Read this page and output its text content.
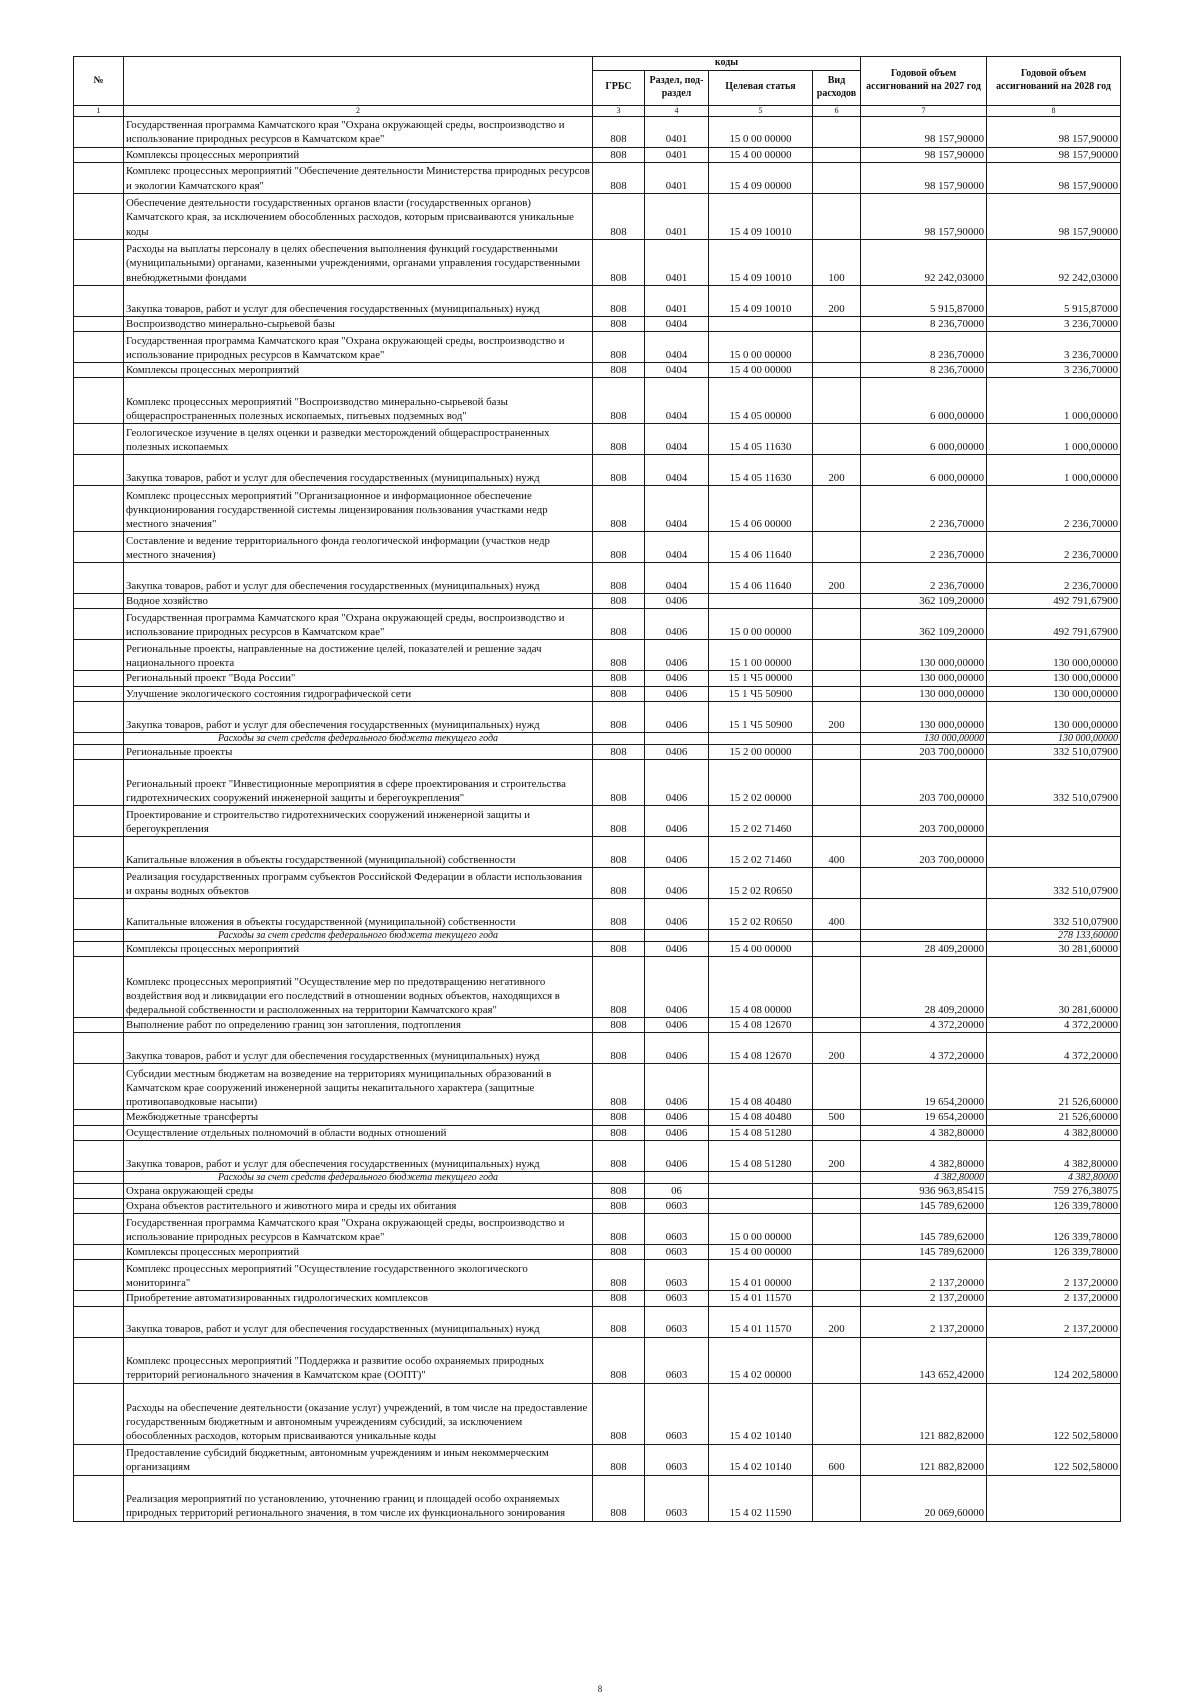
№		коды				Годовой объем ассигнований на 2027 год	Годовой объем ассигнований на 2028 год
		ГРБС	Раздел, под-раздел	Целевая статья	Вид расходов		
1	2	3	4	5	6	7	8
	Государственная программа Камчатского края "Охрана окружающей среды, воспроизводство и использование природных ресурсов в Камчатском крае"	808	0401	15 0 00 00000		98 157,90000	98 157,90000
	Комплексы процессных мероприятий	808	0401	15 4 00 00000		98 157,90000	98 157,90000
	Комплекс процессных мероприятий "Обеспечение деятельности Министерства природных ресурсов и экологии Камчатского края"	808	0401	15 4 09 00000		98 157,90000	98 157,90000
	Обеспечение деятельности государственных органов власти (государственных органов) Камчатского края, за исключением обособленных расходов, которым присваиваются уникальные коды	808	0401	15 4 09 10010		98 157,90000	98 157,90000
	Расходы на выплаты персоналу в целях обеспечения выполнения функций государственными (муниципальными) органами, казенными учреждениями, органами управления государственными внебюджетными фондами	808	0401	15 4 09 10010	100	92 242,03000	92 242,03000
	Закупка товаров, работ и услуг для обеспечения государственных (муниципальных) нужд	808	0401	15 4 09 10010	200	5 915,87000	5 915,87000
	Воспроизводство минерально-сырьевой базы	808	0404			8 236,70000	3 236,70000
	Государственная программа Камчатского края "Охрана окружающей среды, воспроизводство и использование природных ресурсов в Камчатском крае"	808	0404	15 0 00 00000		8 236,70000	3 236,70000
	Комплексы процессных мероприятий	808	0404	15 4 00 00000		8 236,70000	3 236,70000
	Комплекс процессных мероприятий "Воспроизводство минерально-сырьевой базы общераспространенных полезных ископаемых, питьевых подземных вод"	808	0404	15 4 05 00000		6 000,00000	1 000,00000
	Геологическое изучение в целях оценки и разведки месторождений общераспространенных полезных ископаемых	808	0404	15 4 05 11630		6 000,00000	1 000,00000
	Закупка товаров, работ и услуг для обеспечения государственных (муниципальных) нужд	808	0404	15 4 05 11630	200	6 000,00000	1 000,00000
	Комплекс процессных мероприятий "Организационное и информационное обеспечение функционирования государственной системы лицензирования пользования участками недр местного значения"	808	0404	15 4 06 00000		2 236,70000	2 236,70000
	Составление и ведение территориального фонда геологической информации (участков недр местного значения)	808	0404	15 4 06 11640		2 236,70000	2 236,70000
	Закупка товаров, работ и услуг для обеспечения государственных (муниципальных) нужд	808	0404	15 4 06 11640	200	2 236,70000	2 236,70000
	Водное хозяйство	808	0406			362 109,20000	492 791,67900
	Государственная программа Камчатского края "Охрана окружающей среды, воспроизводство и использование природных ресурсов в Камчатском крае"	808	0406	15 0 00 00000		362 109,20000	492 791,67900
	Региональные проекты, направленные на достижение целей, показателей и решение задач национального проекта	808	0406	15 1 00 00000		130 000,00000	130 000,00000
	Региональный проект "Вода России"	808	0406	15 1 Ч5 00000		130 000,00000	130 000,00000
	Улучшение экологического состояния гидрографической сети	808	0406	15 1 Ч5 50900		130 000,00000	130 000,00000
	Закупка товаров, работ и услуг для обеспечения государственных (муниципальных) нужд	808	0406	15 1 Ч5 50900	200	130 000,00000	130 000,00000
	Расходы за счет средств федерального бюджета текущего года					130 000,00000	130 000,00000
	Региональные проекты	808	0406	15 2 00 00000		203 700,00000	332 510,07900
	Региональный проект "Инвестиционные мероприятия в сфере проектирования и строительства гидротехнических сооружений инженерной защиты и берегоукрепления"	808	0406	15 2 02 00000		203 700,00000	332 510,07900
	Проектирование и строительство гидротехнических сооружений инженерной защиты и берегоукрепления	808	0406	15 2 02 71460		203 700,00000	
	Капитальные вложения в объекты государственной (муниципальной) собственности	808	0406	15 2 02 71460	400	203 700,00000	
	Реализация государственных программ субъектов Российской Федерации в области использования и охраны водных объектов	808	0406	15 2 02 R0650			332 510,07900
	Капитальные вложения в объекты государственной (муниципальной) собственности	808	0406	15 2 02 R0650	400		332 510,07900
	Расходы за счет средств федерального бюджета текущего года						278 133,60000
	Комплексы процессных мероприятий	808	0406	15 4 00 00000		28 409,20000	30 281,60000
	Комплекс процессных мероприятий "Осуществление мер по предотвращению негативного воздействия вод и ликвидации его последствий в отношении водных объектов, находящихся в федеральной собственности и расположенных на территории Камчатского края"	808	0406	15 4 08 00000		28 409,20000	30 281,60000
	Выполнение работ по определению границ зон затопления, подтопления	808	0406	15 4 08 12670		4 372,20000	4 372,20000
	Закупка товаров, работ и услуг для обеспечения государственных (муниципальных) нужд	808	0406	15 4 08 12670	200	4 372,20000	4 372,20000
	Субсидии местным бюджетам на возведение на территориях муниципальных образований в Камчатском крае сооружений инженерной защиты некапитального характера (защитные противопаводковые насыпи)	808	0406	15 4 08 40480		19 654,20000	21 526,60000
	Межбюджетные трансферты	808	0406	15 4 08 40480	500	19 654,20000	21 526,60000
	Осуществление отдельных полномочий в области водных отношений	808	0406	15 4 08 51280		4 382,80000	4 382,80000
	Закупка товаров, работ и услуг для обеспечения государственных (муниципальных) нужд	808	0406	15 4 08 51280	200	4 382,80000	4 382,80000
	Расходы за счет средств федерального бюджета текущего года					4 382,80000	4 382,80000
	Охрана окружающей среды	808	06			936 963,85415	759 276,38075
	Охрана объектов растительного и животного мира и среды их обитания	808	0603			145 789,62000	126 339,78000
	Государственная программа Камчатского края "Охрана окружающей среды, воспроизводство и использование природных ресурсов в Камчатском крае"	808	0603	15 0 00 00000		145 789,62000	126 339,78000
	Комплексы процессных мероприятий	808	0603	15 4 00 00000		145 789,62000	126 339,78000
	Комплекс процессных мероприятий "Осуществление государственного экологического мониторинга"	808	0603	15 4 01 00000		2 137,20000	2 137,20000
	Приобретение автоматизированных гидрологических комплексов	808	0603	15 4 01 11570		2 137,20000	2 137,20000
	Закупка товаров, работ и услуг для обеспечения государственных (муниципальных) нужд	808	0603	15 4 01 11570	200	2 137,20000	2 137,20000
	Комплекс процессных мероприятий "Поддержка и развитие особо охраняемых природных территорий регионального значения в Камчатском крае (ООПТ)"	808	0603	15 4 02 00000		143 652,42000	124 202,58000
	Расходы на обеспечение деятельности (оказание услуг) учреждений, в том числе на предоставление государственным бюджетным и автономным учреждениям субсидий, за исключением обособленных расходов, которым присваиваются уникальные коды	808	0603	15 4 02 10140		121 882,82000	122 502,58000
	Предоставление субсидий бюджетным, автономным учреждениям и иным некоммерческим организациям	808	0603	15 4 02 10140	600	121 882,82000	122 502,58000
	Реализация мероприятий по установлению, уточнению границ и площадей особо охраняемых природных территорий регионального значения, в том числе их функционального зонирования	808	0603	15 4 02 11590		20 069,60000	
8
